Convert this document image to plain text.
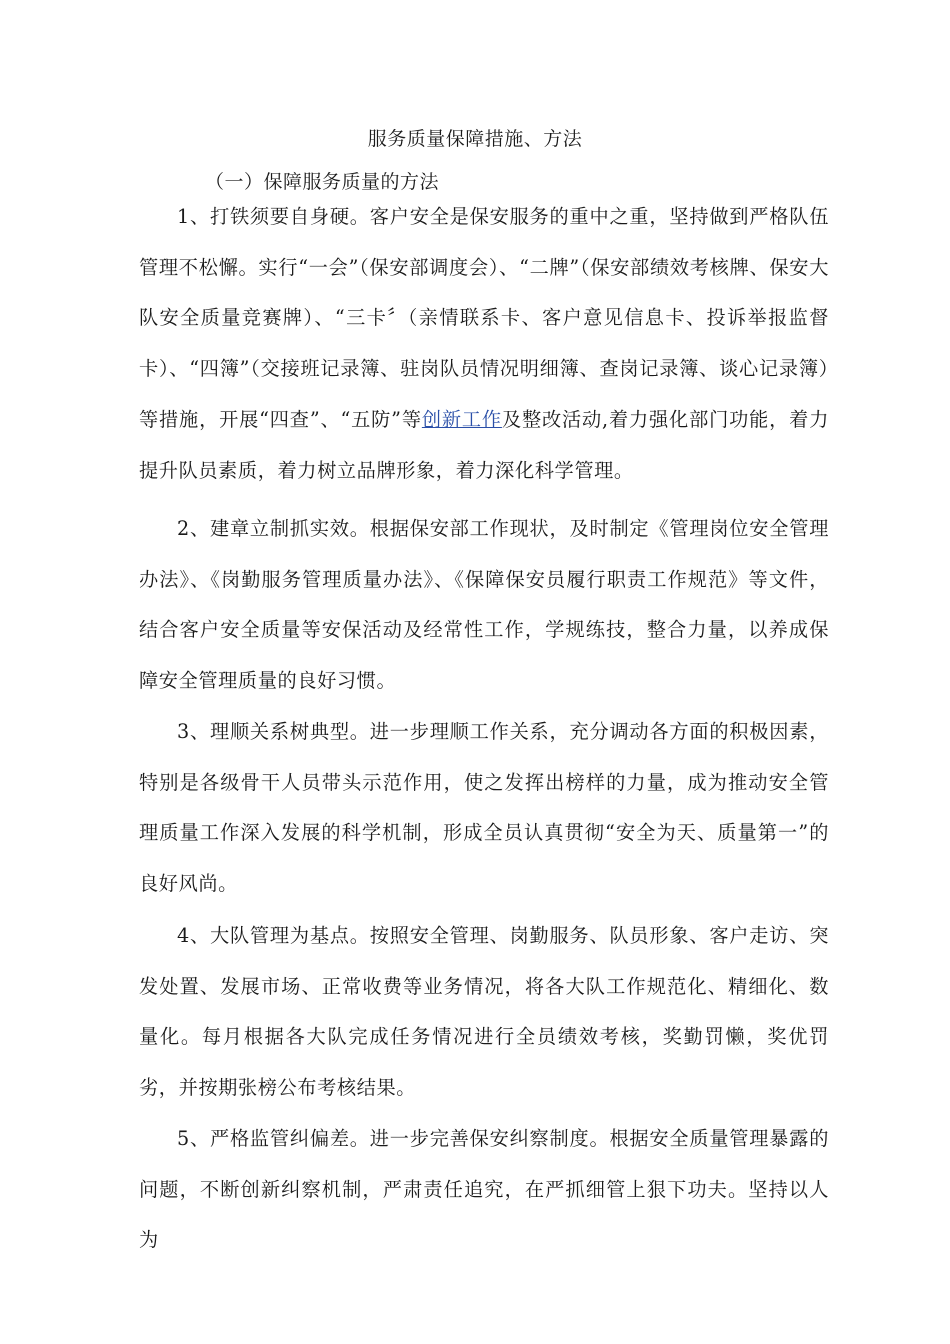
服务质量保障措施、方法
（一）保障服务质量的方法

1、打铁须要自身硬。客户安全是保安服务的重中之重，坚持做到严格队伍管理不松懈。实行“一会”（保安部调度会）、“二牌”（保安部绩效考核牌、保安大队安全质量竞赛牌）、“三卡〞（亲情联系卡、客户意见信息卡、投诉举报监督卡）、“四簿”（交接班记录簿、驻岗队员情况明细簿、查岗记录簿、谈心记录簿）等措施，开展“四查”、“五防”等创新工作及整改活动,着力强化部门功能，着力提升队员素质，着力树立品牌形象，着力深化科学管理。

2、建章立制抓实效。根据保安部工作现状，及时制定《管理岗位安全管理办法》、《岗勤服务管理质量办法》、《保障保安员履行职责工作规范》等文件，结合客户安全质量等安保活动及经常性工作，学规练技，整合力量，以养成保障安全管理质量的良好习惯。

3、理顺关系树典型。进一步理顺工作关系，充分调动各方面的积极因素，特别是各级骨干人员带头示范作用，使之发挥出榜样的力量，成为推动安全管理质量工作深入发展的科学机制，形成全员认真贯彻“安全为天、质量第一”的良好风尚。

4、大队管理为基点。按照安全管理、岗勤服务、队员形象、客户走访、突发处置、发展市场、正常收费等业务情况，将各大队工作规范化、精细化、数量化。每月根据各大队完成任务情况进行全员绩效考核，奖勤罚懒，奖优罚劣，并按期张榜公布考核结果。

5、严格监管纠偏差。进一步完善保安纠察制度。根据安全质量管理暴露的问题，不断创新纠察机制，严肃责任追究，在严抓细管上狠下功夫。坚持以人为
